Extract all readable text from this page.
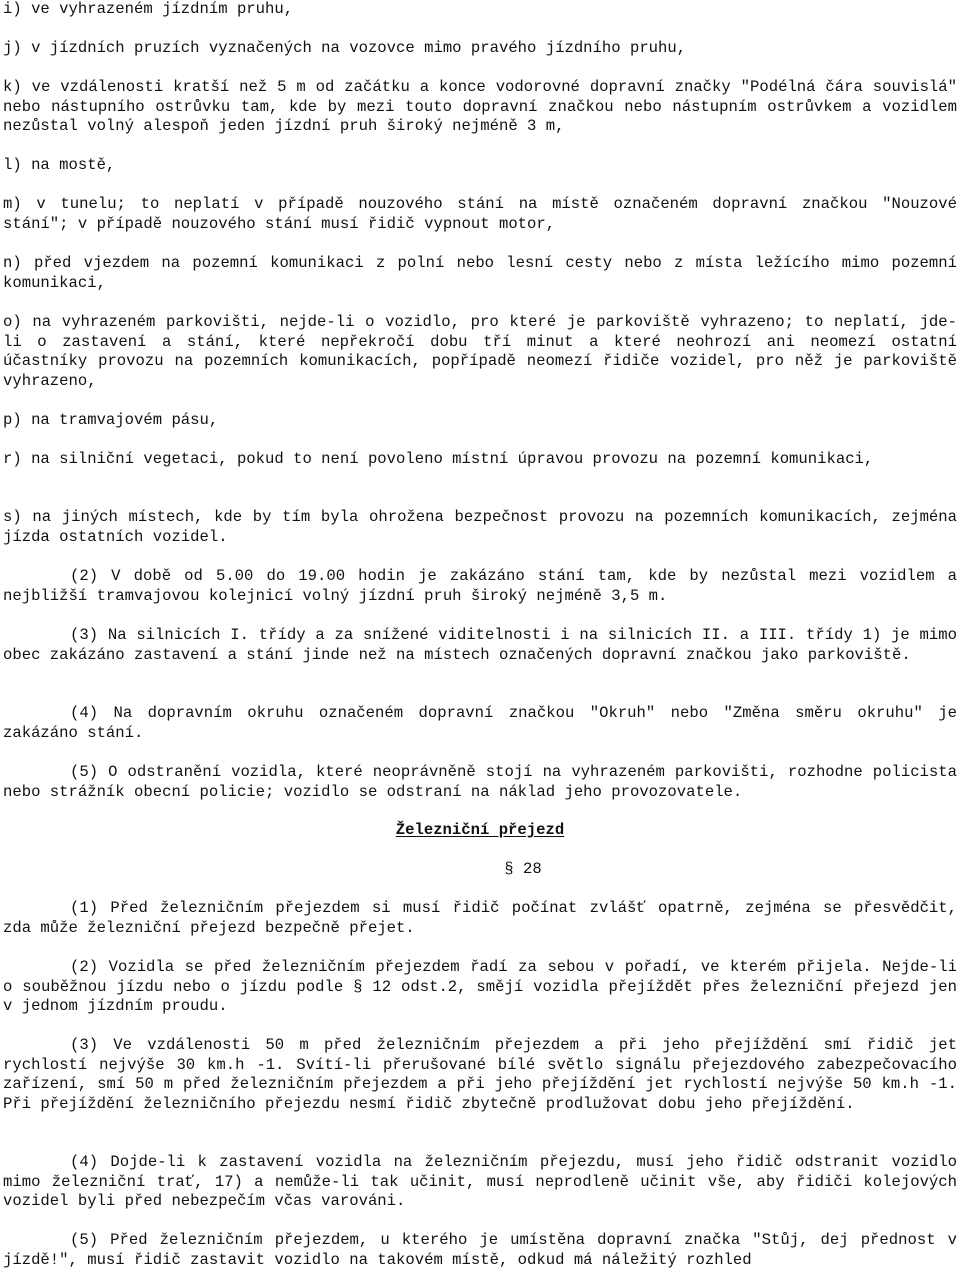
i) ve vyhrazeném jízdním pruhu,

j) v jízdních pruzích vyznačených na vozovce mimo pravého jízdního pruhu,

k) ve vzdálenosti kratší než 5 m od začátku a konce vodorovné dopravní značky "Podélná čára souvislá" nebo nástupního ostrůvku tam, kde by mezi touto dopravní značkou nebo nástupním ostrůvkem a vozidlem nezůstal volný alespoň jeden jízdní pruh široký nejméně 3 m,

l) na mostě,

m) v tunelu; to neplatí v případě nouzového stání na místě označeném dopravní značkou "Nouzové stání"; v případě nouzového stání musí řidič vypnout motor,

n) před vjezdem na pozemní komunikaci z polní nebo lesní cesty nebo z místa ležícího mimo pozemní komunikaci,

o) na vyhrazeném parkovišti, nejde-li o vozidlo, pro které je parkoviště vyhrazeno; to neplatí, jde-li o zastavení a stání, které nepřekročí dobu tří minut a které neohrozí ani neomezí ostatní účastníky provozu na pozemních komunikacích, popřípadě neomezí řidiče vozidel, pro něž je parkoviště vyhrazeno,

p) na tramvajovém pásu,

r) na silniční vegetaci, pokud to není povoleno místní úpravou provozu na pozemní komunikaci,

s) na jiných místech, kde by tím byla ohrožena bezpečnost provozu na pozemních komunikacích, zejména jízda ostatních vozidel.

(2) V době od 5.00 do 19.00 hodin je zakázáno stání tam, kde by nezůstal mezi vozidlem a nejbližší tramvajovou kolejnicí volný jízdní pruh široký nejméně 3,5 m.

(3) Na silnicích I. třídy a za snížené viditelnosti i na silnicích II. a III. třídy 1) je mimo obec zakázáno zastavení a stání jinde než na místech označených dopravní značkou jako parkoviště.

(4) Na dopravním okruhu označeném dopravní značkou "Okruh" nebo "Změna směru okruhu" je zakázáno stání.

(5) O odstranění vozidla, které neoprávněně stojí na vyhrazeném parkovišti, rozhodne policista nebo strážník obecní policie; vozidlo se odstraní na náklad jeho provozovatele.

Železniční přejezd
§ 28

(1) Před železničním přejezdem si musí řidič počínat zvlášť opatrně, zejména se přesvědčit, zda může železniční přejezd bezpečně přejet.

(2) Vozidla se před železničním přejezdem řadí za sebou v pořadí, ve kterém přijela. Nejde-li o souběžnou jízdu nebo o jízdu podle § 12 odst.2, smějí vozidla přejíždět přes železniční přejezd jen v jednom jízdním proudu.

(3) Ve vzdálenosti 50 m před železničním přejezdem a při jeho přejíždění smí řidič jet rychlostí nejvýše 30 km.h -1. Svítí-li přerušované bílé světlo signálu přejezdového zabezpečovacího zařízení, smí 50 m před železničním přejezdem a při jeho přejíždění jet rychlostí nejvýše 50 km.h -1. Při přejíždění železničního přejezdu nesmí řidič zbytečně prodlužovat dobu jeho přejíždění.

(4) Dojde-li k zastavení vozidla na železničním přejezdu, musí jeho řidič odstranit vozidlo mimo železniční trať, 17) a nemůže-li tak učinit, musí neprodleně učinit vše, aby řidiči kolejových vozidel byli před nebezpečím včas varováni.

(5) Před železničním přejezdem, u kterého je umístěna dopravní značka "Stůj, dej přednost v jízdě!", musí řidič zastavit vozidlo na takovém místě, odkud má náležitý rozhled
